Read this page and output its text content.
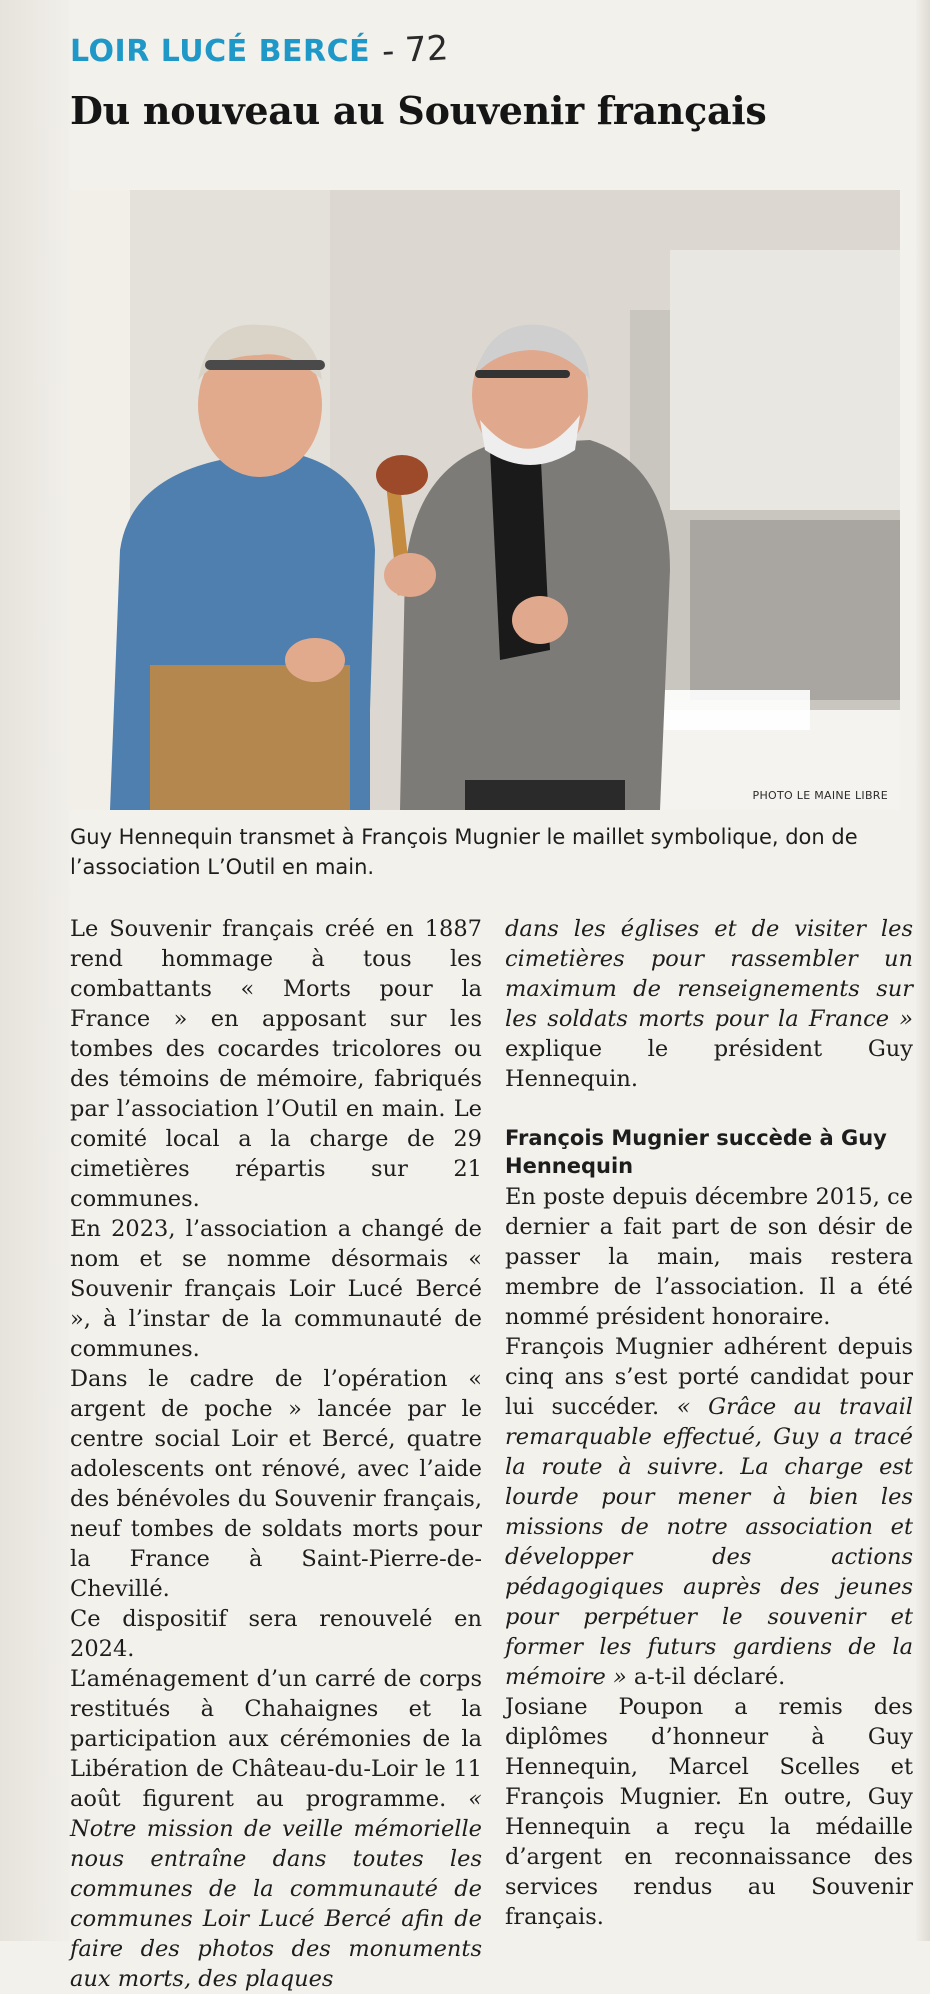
LOIR LUCÉ BERCÉ - 72
Du nouveau au Souvenir français
PHOTO LE MAINE LIBRE
Guy Hennequin transmet à François Mugnier le maillet symbolique, don de l’association L’Outil en main.

Le Souvenir français créé en 1887 rend hommage à tous les combattants « Morts pour la France » en apposant sur les tombes des cocardes tricolores ou des témoins de mémoire, fabriqués par l’association l’Outil en main. Le comité local a la charge de 29 cimetières répartis sur 21 communes.

En 2023, l’association a changé de nom et se nomme désormais « Souvenir français Loir Lucé Bercé », à l’instar de la communauté de communes.

Dans le cadre de l’opération « argent de poche » lancée par le centre social Loir et Bercé, quatre adolescents ont rénové, avec l’aide des bénévoles du Souvenir français, neuf tombes de soldats morts pour la France à Saint-Pierre-de-Chevillé.

Ce dispositif sera renouvelé en 2024.

L’aménagement d’un carré de corps restitués à Chahaignes et la participation aux cérémonies de la Libération de Château-du-Loir le 11 août figurent au programme. « Notre mission de veille mémorielle nous entraîne dans toutes les communes de la communauté de communes Loir Lucé Bercé afin de faire des photos des monuments aux morts, des plaques

dans les églises et de visiter les cimetières pour rassembler un maximum de renseignements sur les soldats morts pour la France » explique le président Guy Hennequin.

François Mugnier succède à Guy Hennequin

En poste depuis décembre 2015, ce dernier a fait part de son désir de passer la main, mais restera membre de l’association. Il a été nommé président honoraire.

François Mugnier adhérent depuis cinq ans s’est porté candidat pour lui succéder. « Grâce au travail remarquable effectué, Guy a tracé la route à suivre. La charge est lourde pour mener à bien les missions de notre association et développer des actions pédagogiques auprès des jeunes pour perpétuer le souvenir et former les futurs gardiens de la mémoire » a-t-il déclaré.

Josiane Poupon a remis des diplômes d’honneur à Guy Hennequin, Marcel Scelles et François Mugnier. En outre, Guy Hennequin a reçu la médaille d’argent en reconnaissance des services rendus au Souvenir français.
